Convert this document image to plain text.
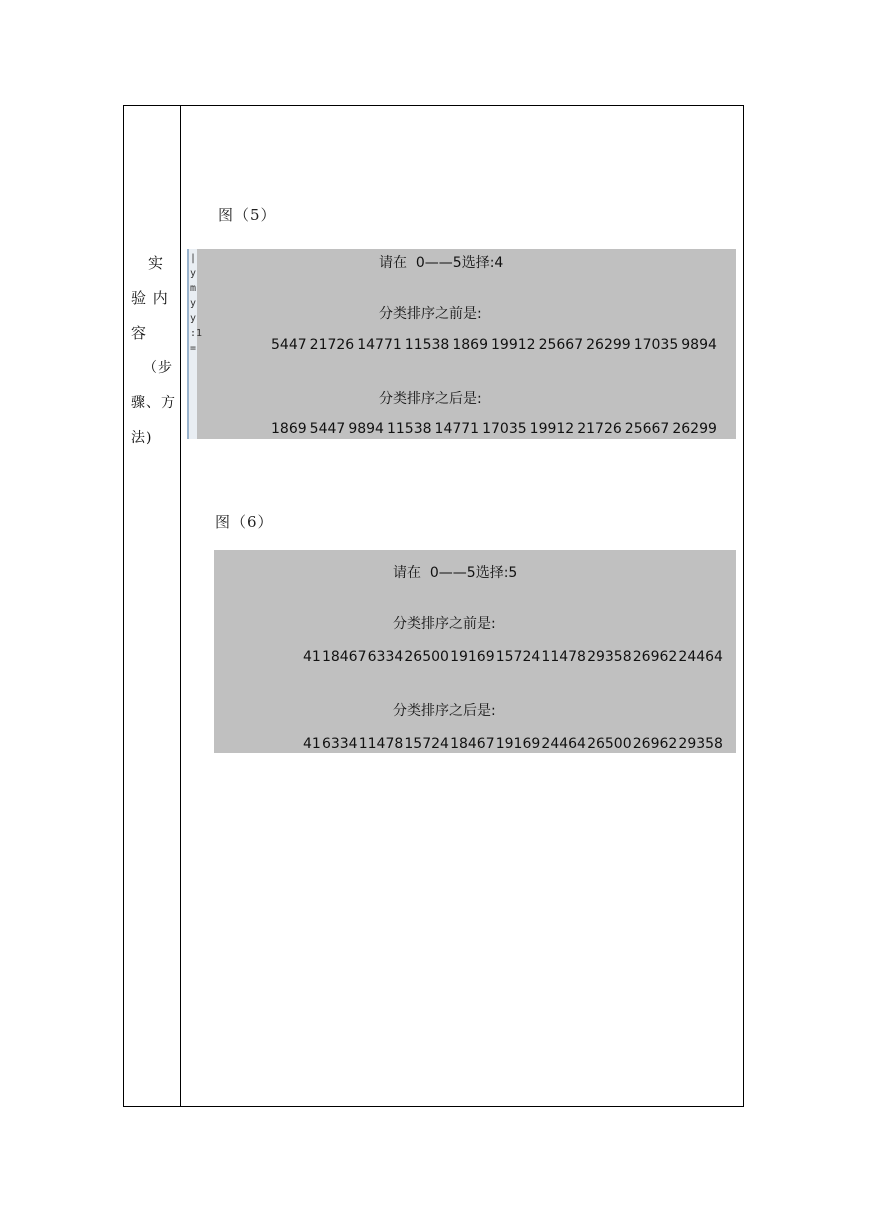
实
验 内
容
（步
骤、方
法)
图（5）
|
y
m
y
y
:1
=
请在  0——5选择:4
分类排序之前是:
5447 21726 14771 11538 1869 19912 25667 26299 17035 9894
分类排序之后是:
1869 5447 9894 11538 14771 17035 19912 21726 25667 26299
图（6）
请在  0——5选择:5
分类排序之前是:
41 18467 6334 26500 19169 15724 11478 29358 26962 24464
分类排序之后是:
41 6334 11478 15724 18467 19169 24464 26500 26962 29358
